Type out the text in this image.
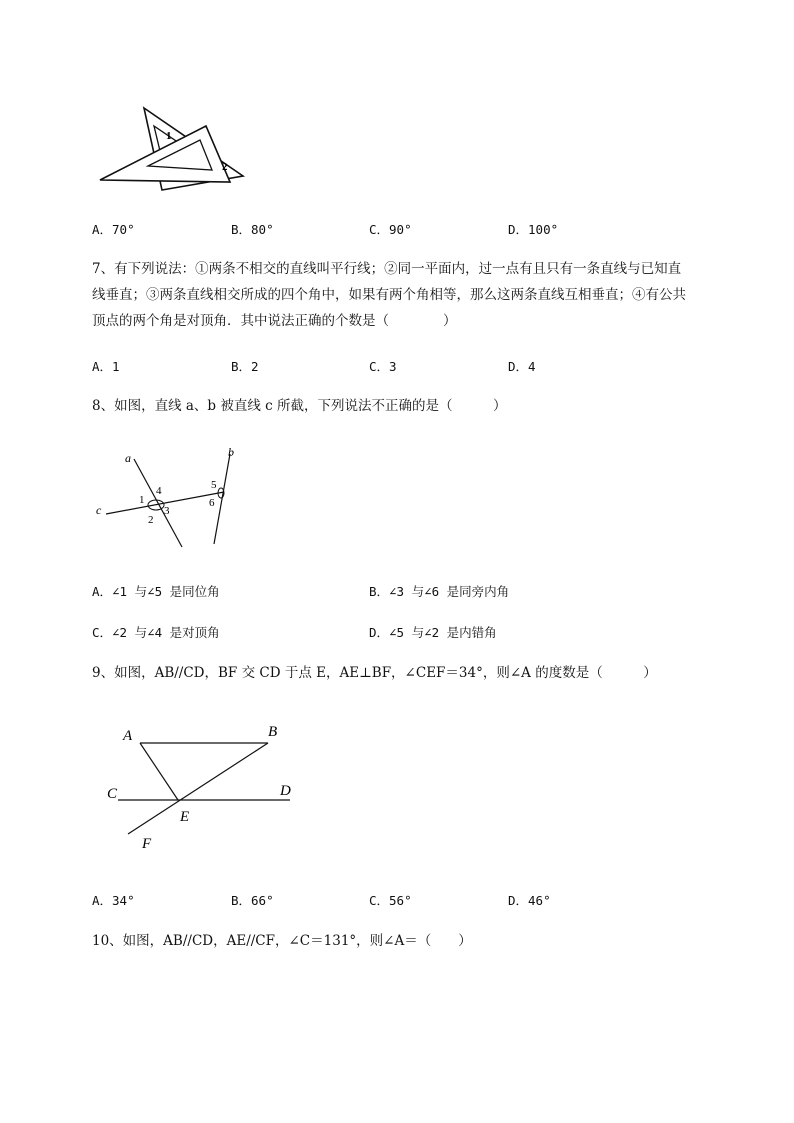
1
2
A．70°	B．80°	C．90°	D．100°
7、有下列说法：①两条不相交的直线叫平行线；②同一平面内，过一点有且只有一条直线与已知直
线垂直；③两条直线相交所成的四个角中，如果有两个角相等，那么这两条直线互相垂直；④有公共
顶点的两个角是对顶角．其中说法正确的个数是（　　　　）
A．1	B．2	C．3	D．4
8、如图，直线 a、b 被直线 c 所截，下列说法不正确的是（　　　）
a	b
c
1
2
3
4	5
6
A．∠1 与∠5 是同位角	B．∠3 与∠6 是同旁内角
C．∠2 与∠4 是对顶角	D．∠5 与∠2 是内错角
9、如图，AB//CD，BF 交 CD 于点 E，AE⊥BF，∠CEF＝34°，则∠A 的度数是（　　　）
A	B
C	D
E
F
A．34°	B．66°	C．56°	D．46°
10、如图，AB//CD，AE//CF，∠C＝131°，则∠A＝（　　）
